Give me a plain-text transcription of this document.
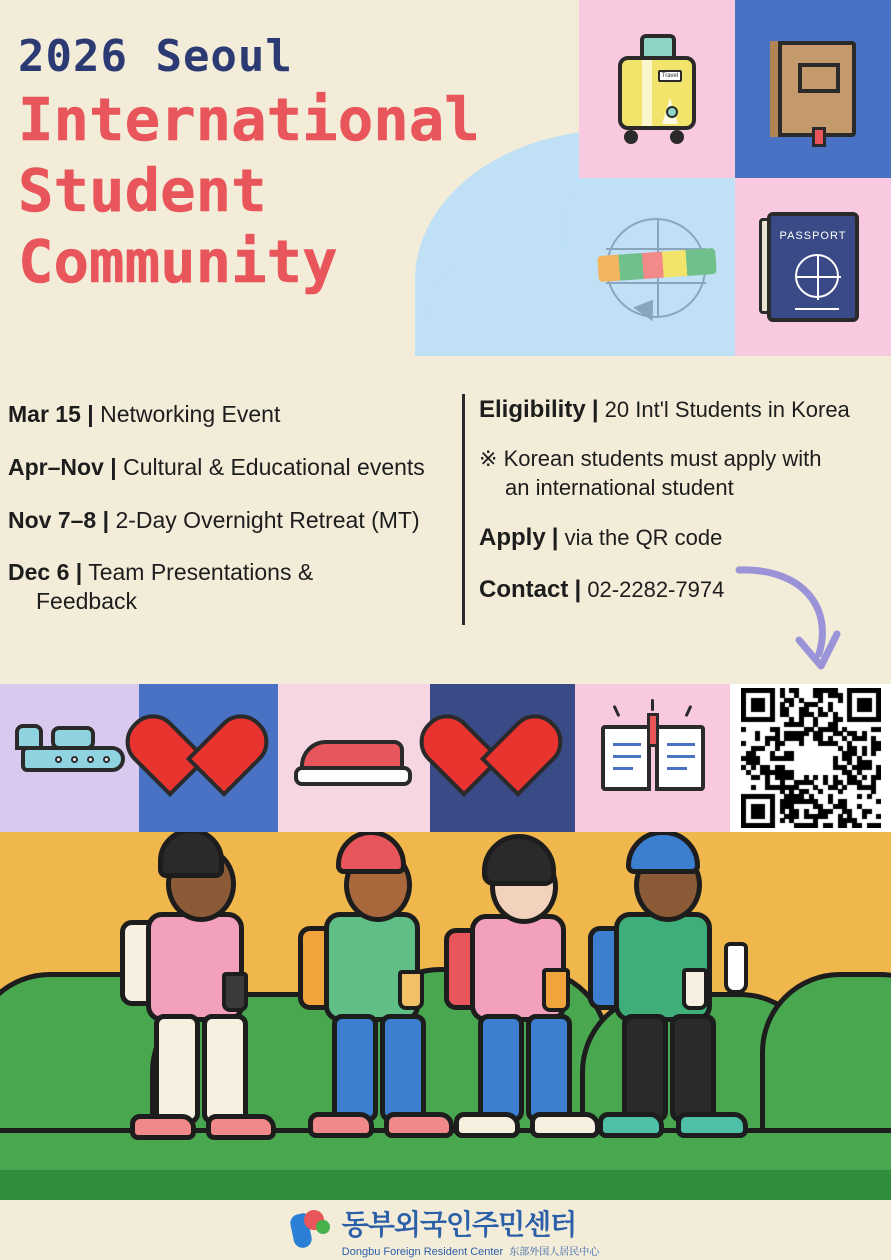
2026 Seoul
International
Student
Community
Travel
PASSPORT
Mar 15 | Networking Event
Apr–Nov | Cultural & Educational events
Nov 7–8 | 2-Day Overnight Retreat (MT)
Dec 6 | Team Presentations &
Feedback
Eligibility | 20 Int'l Students in Korea
※ Korean students must apply with
an international student
Apply | via the QR code
Contact | 02-2282-7974
동부외국인주민센터
Dongbu Foreign Resident Center 东部外国人居民中心
